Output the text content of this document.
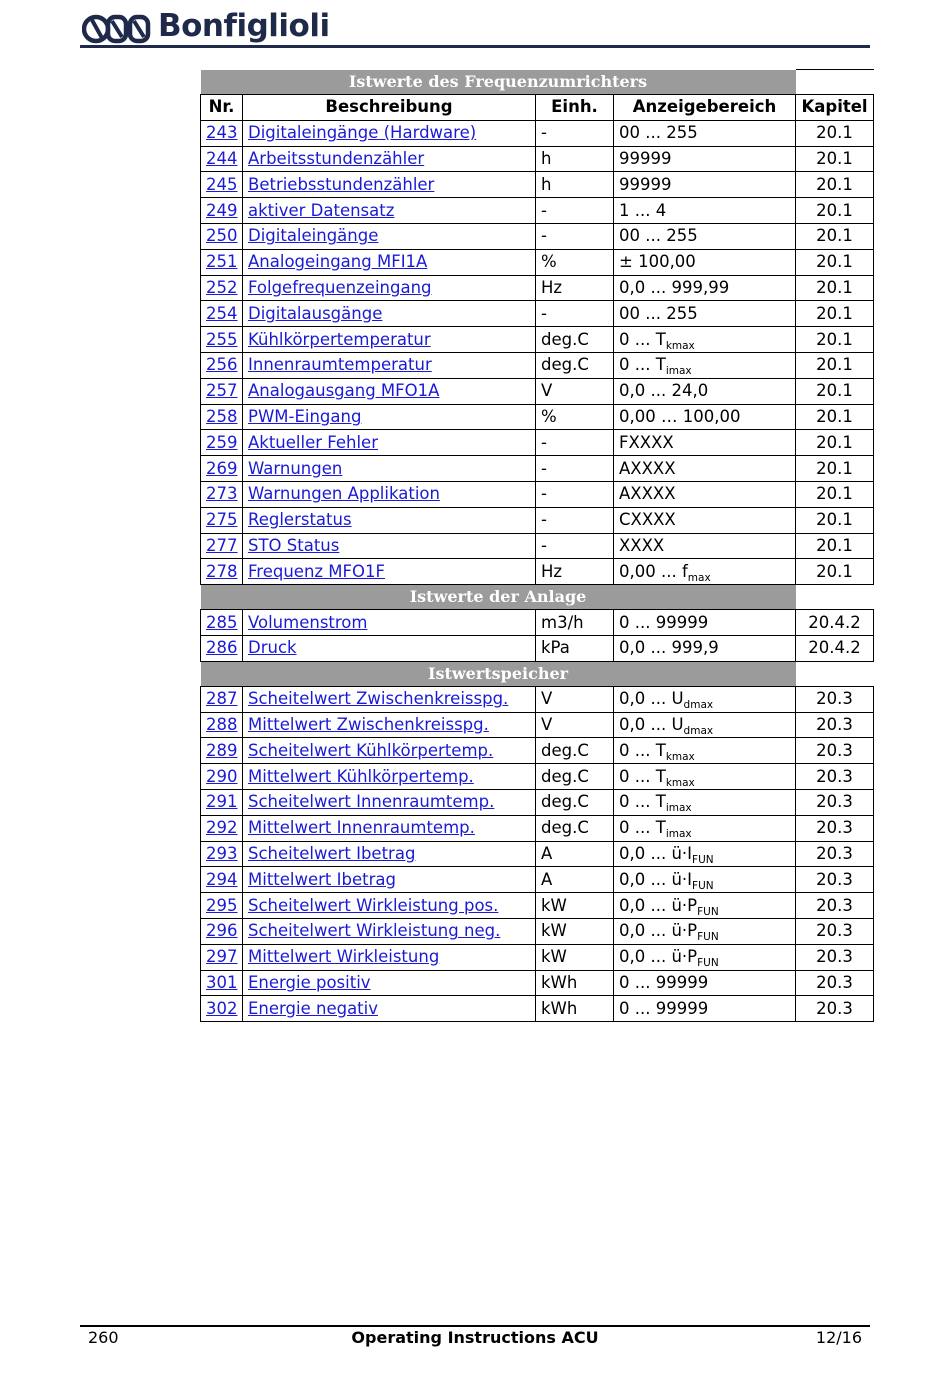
Bonfiglioli
Istwerte des Frequenzumrichters				
Nr.	Beschreibung	Einh.	Anzeigebereich	Kapitel
243	Digitaleingänge (Hardware)	-	00 ... 255	20.1
244	Arbeitsstundenzähler	h	99999	20.1
245	Betriebsstundenzähler	h	99999	20.1
249	aktiver Datensatz	-	1 ... 4	20.1
250	Digitaleingänge	-	00 ... 255	20.1
251	Analogeingang MFI1A	%	± 100,00	20.1
252	Folgefrequenzeingang	Hz	0,0 ... 999,99	20.1
254	Digitalausgänge	-	00 ... 255	20.1
255	Kühlkörpertemperatur	deg.C	0 ... $T_{kmax}$	20.1
256	Innenraumtemperatur	deg.C	0 ... $T_{imax}$	20.1
257	Analogausgang MFO1A	V	0,0 ... 24,0	20.1
258	PWM-Eingang	%	0,00 … 100,00	20.1
259	Aktueller Fehler	-	FXXXX	20.1
269	Warnungen	-	AXXXX	20.1
273	Warnungen Applikation	-	AXXXX	20.1
275	Reglerstatus	-	CXXXX	20.1
277	STO Status	-	XXXX	20.1
278	Frequenz MFO1F	Hz	0,00 ... $f_{max}$	20.1
Istwerte der Anlage				
285	Volumenstrom	m3/h	0 ... 99999	20.4.2
286	Druck	kPa	0,0 ... 999,9	20.4.2
Istwertspeicher				
287	Scheitelwert Zwischenkreisspg.	V	0,0 ... $U_{dmax}$	20.3
288	Mittelwert Zwischenkreisspg.	V	0,0 ... $U_{dmax}$	20.3
289	Scheitelwert Kühlkörpertemp.	deg.C	0 ... $T_{kmax}$	20.3
290	Mittelwert Kühlkörpertemp.	deg.C	0 ... $T_{kmax}$	20.3
291	Scheitelwert Innenraumtemp.	deg.C	0 ... $T_{imax}$	20.3
292	Mittelwert Innenraumtemp.	deg.C	0 ... $T_{imax}$	20.3
293	Scheitelwert Ibetrag	A	0,0 ... $ü\cdot I_{FUN}$	20.3
294	Mittelwert Ibetrag	A	0,0 ... $ü\cdot I_{FUN}$	20.3
295	Scheitelwert Wirkleistung pos.	kW	0,0 ... $ü\cdot P_{FUN}$	20.3
296	Scheitelwert Wirkleistung neg.	kW	0,0 ... $ü\cdot P_{FUN}$	20.3
297	Mittelwert Wirkleistung	kW	0,0 ... $ü\cdot P_{FUN}$	20.3
301	Energie positiv	kWh	0 ... 99999	20.3
302	Energie negativ	kWh	0 ... 99999	20.3
260	Operating Instructions ACU	12/16
